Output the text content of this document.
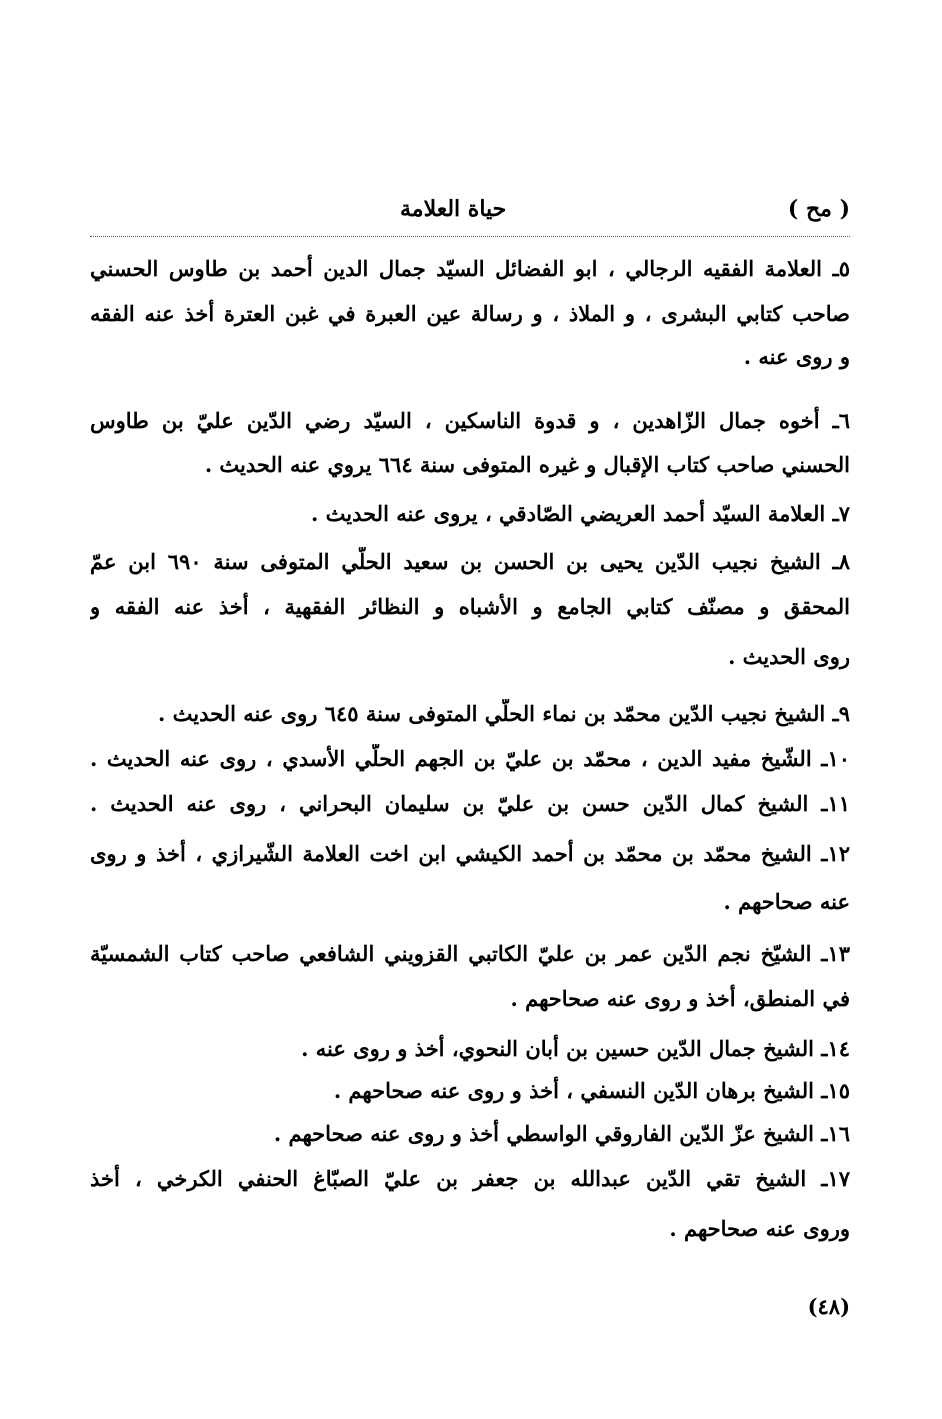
( مح )
حياة العلامة
٥ـ العلامة الفقيه الرجالي ، ابو الفضائل السيّد جمال الدين أحمد بن طاوس الحسني
صاحب كتابي البشرى ، و الملاذ ، و رسالة عين العبرة في غبن العترة أخذ عنه الفقه
و روى عنه .
٦ـ أخوه جمال الزّاهدين ، و قدوة الناسكين ، السيّد رضي الدّين عليّ بن طاوس
الحسني صاحب كتاب الإقبال و غيره المتوفى سنة ٦٦٤ يروي عنه الحديث .
٧ـ العلامة السيّد أحمد العريضي الصّادقي ، يروى عنه الحديث .
٨ـ الشيخ نجيب الدّين يحيى بن الحسن بن سعيد الحلّي المتوفى سنة ٦٩٠ ابن عمّ
المحقق و مصنّف كتابي الجامع و الأشباه و النظائر الفقهية ، أخذ عنه الفقه و
روى الحديث .
٩ـ الشيخ نجيب الدّين محمّد بن نماء الحلّي المتوفى سنة ٦٤٥ روى عنه الحديث .
١٠ـ الشّيخ مفيد الدين ، محمّد بن عليّ بن الجهم الحلّي الأسدي ، روى عنه الحديث .
١١ـ الشيخ كمال الدّين حسن بن عليّ بن سليمان البحراني ، روى عنه الحديث .
١٢ـ الشيخ محمّد بن محمّد بن أحمد الكيشي ابن اخت العلامة الشّيرازي ، أخذ و روى
عنه صحاحهم .
١٣ـ الشيّخ نجم الدّين عمر بن عليّ الكاتبي القزويني الشافعي صاحب كتاب الشمسيّة
في المنطق، أخذ و روى عنه صحاحهم .
١٤ـ الشيخ جمال الدّين حسين بن أبان النحوي، أخذ و روى عنه .
١٥ـ الشيخ برهان الدّين النسفي ، أخذ و روى عنه صحاحهم .
١٦ـ الشيخ عزّ الدّين الفاروقي الواسطي أخذ و روى عنه صحاحهم .
١٧ـ الشيخ تقي الدّين عبدالله بن جعفر بن عليّ الصبّاغ الحنفي الكرخي ، أخذ
وروى عنه صحاحهم .
(٤٨)
